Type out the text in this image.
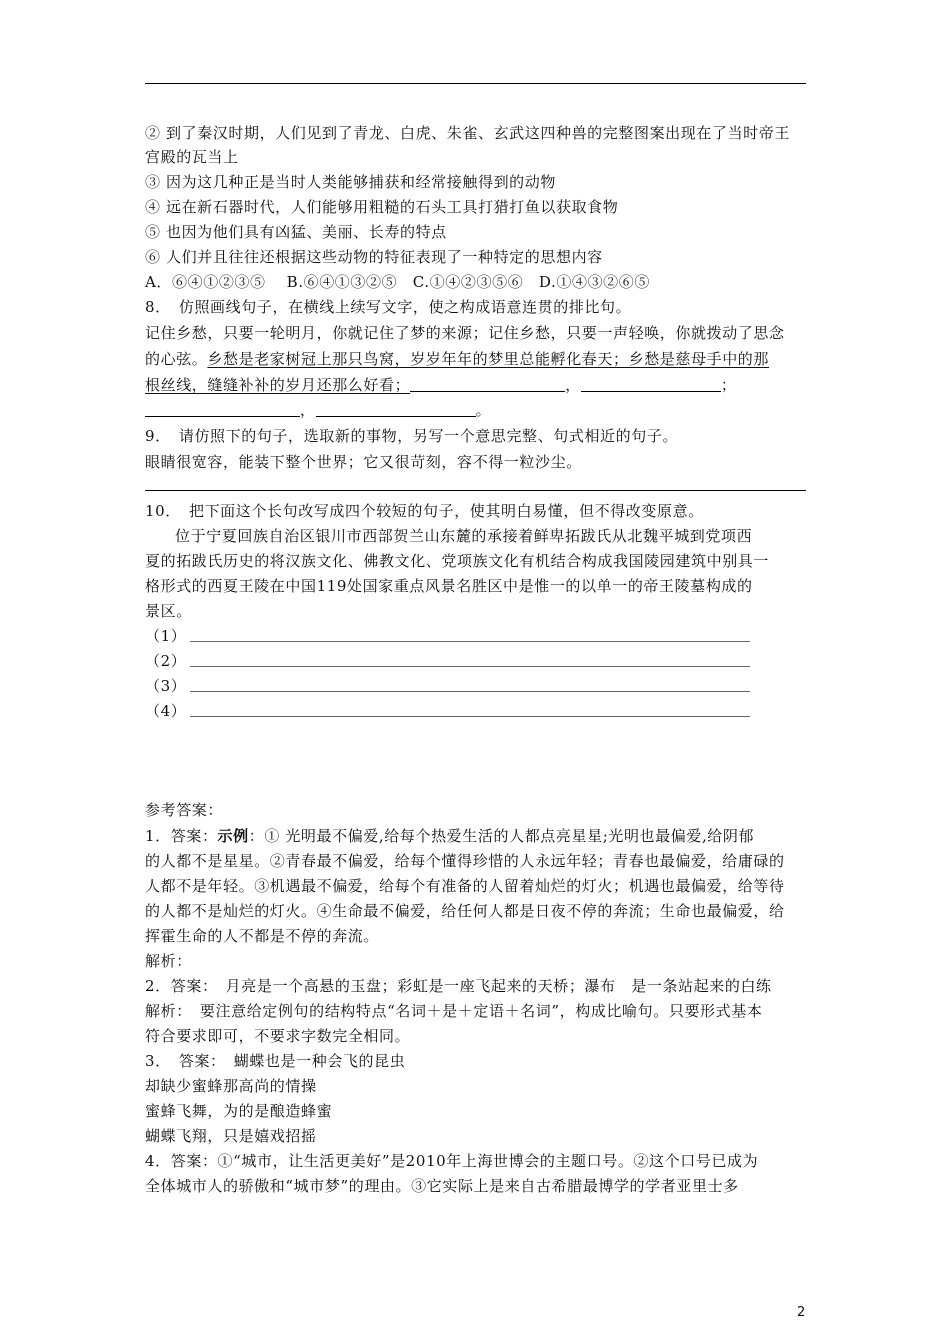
② 到了秦汉时期，人们见到了青龙、白虎、朱雀、玄武这四种兽的完整图案出现在了当时帝王
宫殿的瓦当上
③ 因为这几种正是当时人类能够捕获和经常接触得到的动物
④ 远在新石器时代，人们能够用粗糙的石头工具打猎打鱼以获取食物
⑤ 也因为他们具有凶猛、美丽、长寿的特点
⑥ 人们并且往往还根据这些动物的特征表现了一种特定的思想内容
A．⑥④①②③⑤　 B.⑥④①③②⑤　C.①④②③⑤⑥　D.①④③②⑥⑤
8．　仿照画线句子，在横线上续写文字，使之构成语意连贯的排比句。
记住乡愁，只要一轮明月，你就记住了梦的来源；记住乡愁，只要一声轻唤，你就拨动了思念
的心弦。乡愁是老家树冠上那只鸟窝，岁岁年年的梦里总能孵化春天；乡愁是慈母手中的那
根丝线，缝缝补补的岁月还那么好看；	，	；
，	。
9．　请仿照下的句子，选取新的事物，另写一个意思完整、句式相近的句子。
眼睛很宽容，能装下整个世界；它又很苛刻，容不得一粒沙尘。
10．　把下面这个长句改写成四个较短的句子，使其明白易懂，但不得改变原意。
位于宁夏回族自治区银川市西部贺兰山东麓的承接着鲜卑拓跋氏从北魏平城到党项西
夏的拓跋氏历史的将汉族文化、佛教文化、党项族文化有机结合构成我国陵园建筑中别具一
格形式的西夏王陵在中国119处国家重点风景名胜区中是惟一的以单一的帝王陵墓构成的
景区。
（1）
（2）
（3）
（4）
参考答案：
1．答案：示例：① 光明最不偏爱,给每个热爱生活的人都点亮星星;光明也最偏爱,给阴郁
的人都不是星星。②青春最不偏爱，给每个懂得珍惜的人永远年轻；青春也最偏爱，给庸碌的
人都不是年轻。③机遇最不偏爱，给每个有准备的人留着灿烂的灯火；机遇也最偏爱，给等待
的人都不是灿烂的灯火。④生命最不偏爱，给任何人都是日夜不停的奔流；生命也最偏爱，给
挥霍生命的人不都是不停的奔流。
解析：
2．答案：　月亮是一个高悬的玉盘；彩虹是一座飞起来的天桥；瀑布　是一条站起来的白练
解析：　要注意给定例句的结构特点“名词＋是＋定语＋名词”，构成比喻句。只要形式基本
符合要求即可，不要求字数完全相同。
3．　答案：　蝴蝶也是一种会飞的昆虫
却缺少蜜蜂那高尚的情操
蜜蜂飞舞，为的是酿造蜂蜜
蝴蝶飞翔，只是嬉戏招摇
4．答案：①“城市，让生活更美好”是2010年上海世博会的主题口号。②这个口号已成为
全体城市人的骄傲和“城市梦”的理由。③它实际上是来自古希腊最博学的学者亚里士多
2
